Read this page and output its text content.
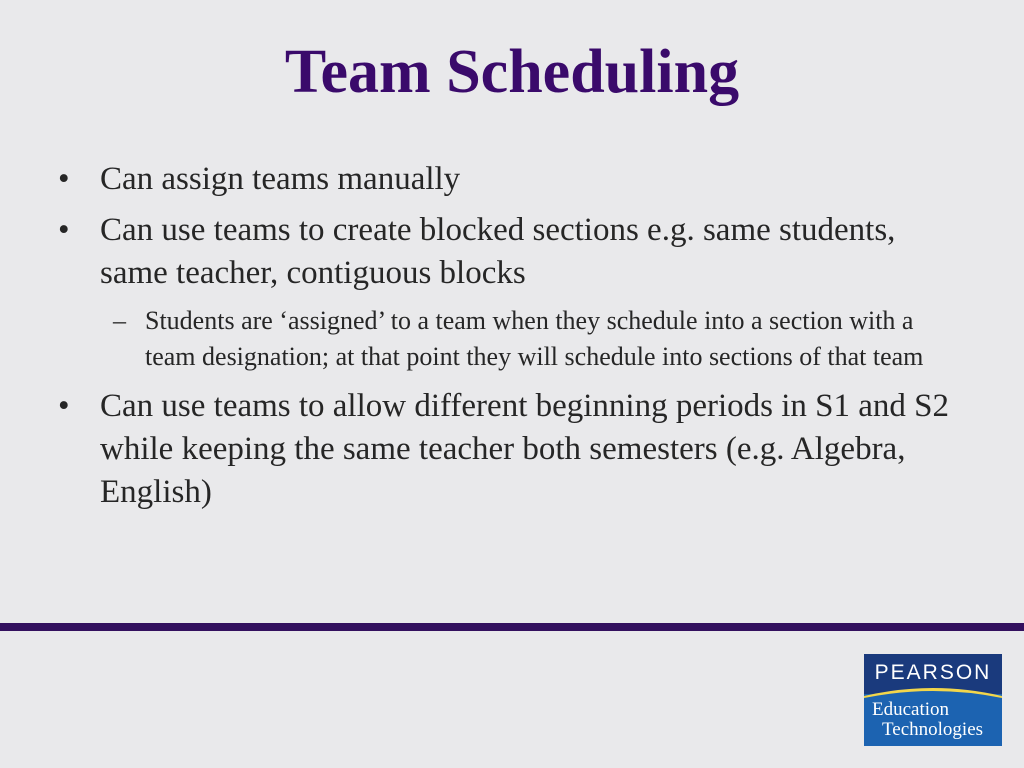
Team Scheduling
• Can assign teams manually
• Can use teams to create blocked sections e.g. same students, same teacher, contiguous blocks
– Students are ‘assigned’ to a team when they schedule into a section with a team designation; at that point they will schedule into sections of that team
• Can use teams to allow different beginning periods in S1 and S2 while keeping the same teacher both semesters (e.g. Algebra, English)
PEARSON
Education
Technologies
